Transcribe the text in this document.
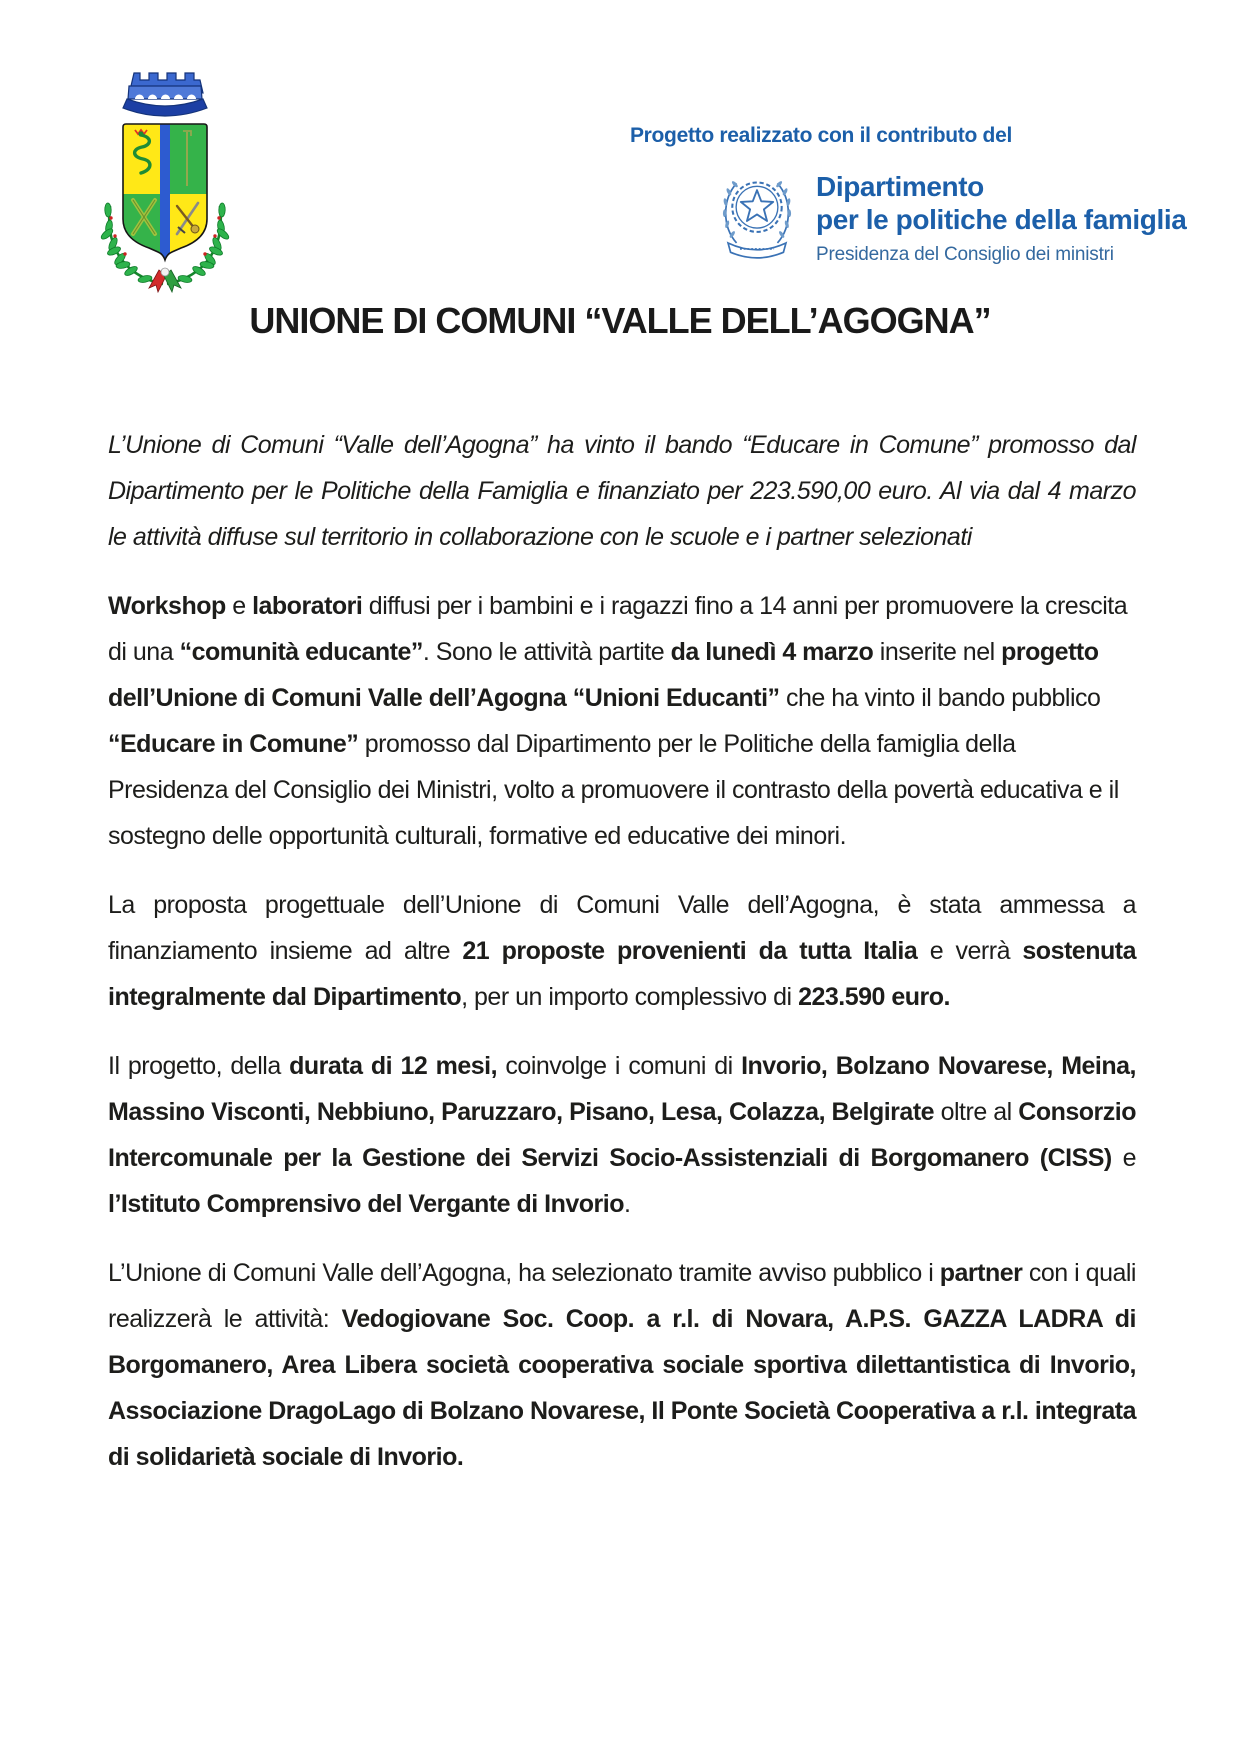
Progetto realizzato con il contributo del
Dipartimento
per le politiche della famiglia
Presidenza del Consiglio dei ministri
UNIONE DI COMUNI “VALLE DELL’AGOGNA”

L’Unione di Comuni “Valle dell’Agogna” ha vinto il bando “Educare in Comune” promosso dal Dipartimento per le Politiche della Famiglia e finanziato per 223.590,00 euro. Al via dal 4 marzo le attività diffuse sul territorio in collaborazione con le scuole e i partner selezionati

Workshop e laboratori diffusi per i bambini e i ragazzi fino a 14 anni per promuovere la crescita di una “comunità educante”. Sono le attività partite da lunedì 4 marzo inserite nel progetto dell’Unione di Comuni Valle dell’Agogna “Unioni Educanti” che ha vinto il bando pubblico “Educare in Comune” promosso dal Dipartimento per le Politiche della famiglia della Presidenza del Consiglio dei Ministri, volto a promuovere il contrasto della povertà educativa e il sostegno delle opportunità culturali, formative ed educative dei minori.

La proposta progettuale dell’Unione di Comuni Valle dell’Agogna, è stata ammessa a finanziamento insieme ad altre 21 proposte provenienti da tutta Italia e verrà sostenuta integralmente dal Dipartimento, per un importo complessivo di 223.590 euro.

Il progetto, della durata di 12 mesi, coinvolge i comuni di Invorio, Bolzano Novarese, Meina, Massino Visconti, Nebbiuno, Paruzzaro, Pisano, Lesa, Colazza, Belgirate oltre al Consorzio Intercomunale per la Gestione dei Servizi Socio-Assistenziali di Borgomanero (CISS) e l’Istituto Comprensivo del Vergante di Invorio.

L’Unione di Comuni Valle dell’Agogna, ha selezionato tramite avviso pubblico i partner con i quali realizzerà le attività: Vedogiovane Soc. Coop. a r.l. di Novara, A.P.S. GAZZA LADRA di Borgomanero, Area Libera società cooperativa sociale sportiva dilettantistica di Invorio, Associazione DragoLago di Bolzano Novarese, Il Ponte Società Cooperativa a r.l. integrata di solidarietà sociale di Invorio.
